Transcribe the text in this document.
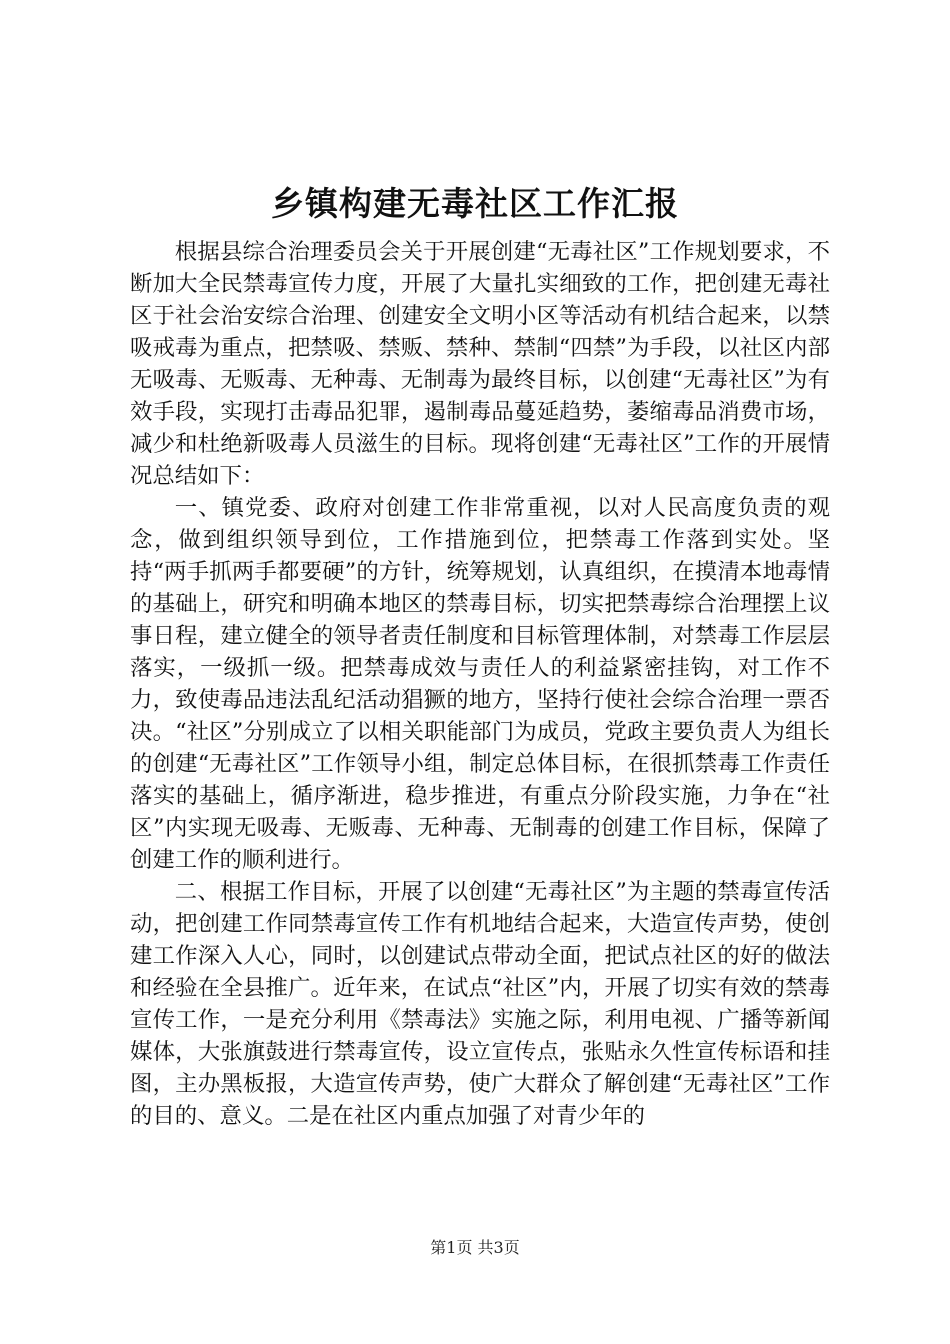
乡镇构建无毒社区工作汇报

根据县综合治理委员会关于开展创建“无毒社区”工作规划要求，不断加大全民禁毒宣传力度，开展了大量扎实细致的工作，把创建无毒社区于社会治安综合治理、创建安全文明小区等活动有机结合起来，以禁吸戒毒为重点，把禁吸、禁贩、禁种、禁制“四禁”为手段，以社区内部无吸毒、无贩毒、无种毒、无制毒为最终目标，以创建“无毒社区”为有效手段，实现打击毒品犯罪，遏制毒品蔓延趋势，萎缩毒品消费市场，减少和杜绝新吸毒人员滋生的目标。现将创建“无毒社区”工作的开展情况总结如下：

一、镇党委、政府对创建工作非常重视，以对人民高度负责的观念，做到组织领导到位，工作措施到位，把禁毒工作落到实处。坚持“两手抓两手都要硬”的方针，统筹规划，认真组织，在摸清本地毒情的基础上，研究和明确本地区的禁毒目标，切实把禁毒综合治理摆上议事日程，建立健全的领导者责任制度和目标管理体制，对禁毒工作层层落实，一级抓一级。把禁毒成效与责任人的利益紧密挂钩，对工作不力，致使毒品违法乱纪活动猖獗的地方，坚持行使社会综合治理一票否决。“社区”分别成立了以相关职能部门为成员，党政主要负责人为组长的创建“无毒社区”工作领导小组，制定总体目标，在很抓禁毒工作责任落实的基础上，循序渐进，稳步推进，有重点分阶段实施，力争在“社区”内实现无吸毒、无贩毒、无种毒、无制毒的创建工作目标，保障了创建工作的顺利进行。

二、根据工作目标，开展了以创建“无毒社区”为主题的禁毒宣传活动，把创建工作同禁毒宣传工作有机地结合起来，大造宣传声势，使创建工作深入人心，同时，以创建试点带动全面，把试点社区的好的做法和经验在全县推广。近年来，在试点“社区”内，开展了切实有效的禁毒宣传工作，一是充分利用《禁毒法》实施之际，利用电视、广播等新闻媒体，大张旗鼓进行禁毒宣传，设立宣传点，张贴永久性宣传标语和挂图，主办黑板报，大造宣传声势，使广大群众了解创建“无毒社区”工作的目的、意义。二是在社区内重点加强了对青少年的

第1页 共3页
